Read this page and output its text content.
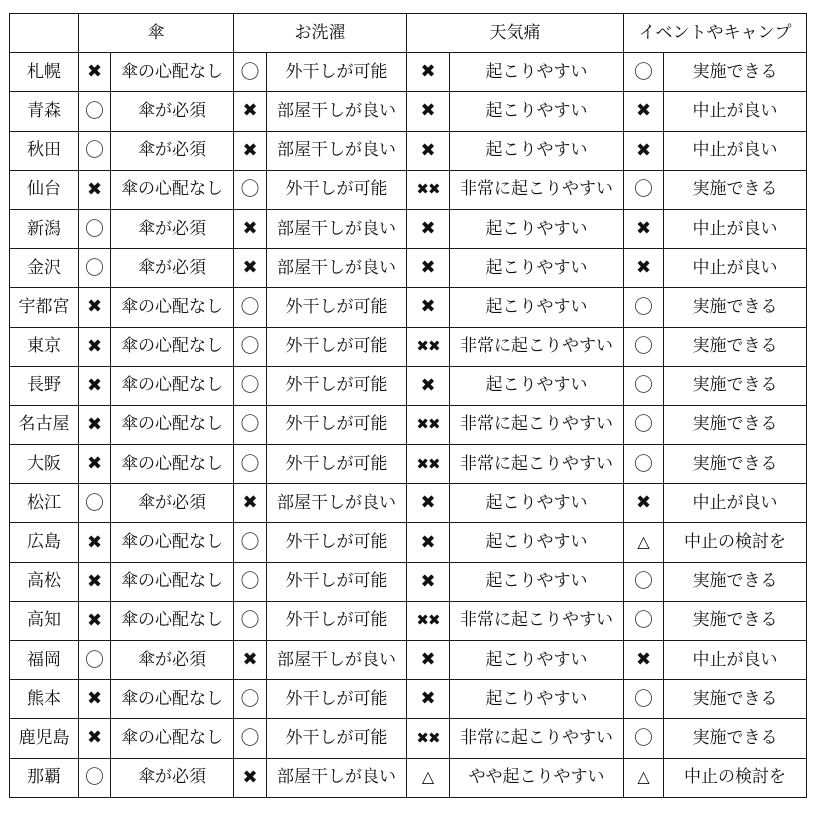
	傘		お洗濯		天気痛		イベントやキャンプ	
札幌	✖	傘の心配なし	〇	外干しが可能	✖	起こりやすい	〇	実施できる
青森	〇	傘が必須	✖	部屋干しが良い	✖	起こりやすい	✖	中止が良い
秋田	〇	傘が必須	✖	部屋干しが良い	✖	起こりやすい	✖	中止が良い
仙台	✖	傘の心配なし	〇	外干しが可能	✖✖	非常に起こりやすい	〇	実施できる
新潟	〇	傘が必須	✖	部屋干しが良い	✖	起こりやすい	✖	中止が良い
金沢	〇	傘が必須	✖	部屋干しが良い	✖	起こりやすい	✖	中止が良い
宇都宮	✖	傘の心配なし	〇	外干しが可能	✖	起こりやすい	〇	実施できる
東京	✖	傘の心配なし	〇	外干しが可能	✖✖	非常に起こりやすい	〇	実施できる
長野	✖	傘の心配なし	〇	外干しが可能	✖	起こりやすい	〇	実施できる
名古屋	✖	傘の心配なし	〇	外干しが可能	✖✖	非常に起こりやすい	〇	実施できる
大阪	✖	傘の心配なし	〇	外干しが可能	✖✖	非常に起こりやすい	〇	実施できる
松江	〇	傘が必須	✖	部屋干しが良い	✖	起こりやすい	✖	中止が良い
広島	✖	傘の心配なし	〇	外干しが可能	✖	起こりやすい	△	中止の検討を
高松	✖	傘の心配なし	〇	外干しが可能	✖	起こりやすい	〇	実施できる
高知	✖	傘の心配なし	〇	外干しが可能	✖✖	非常に起こりやすい	〇	実施できる
福岡	〇	傘が必須	✖	部屋干しが良い	✖	起こりやすい	✖	中止が良い
熊本	✖	傘の心配なし	〇	外干しが可能	✖	起こりやすい	〇	実施できる
鹿児島	✖	傘の心配なし	〇	外干しが可能	✖✖	非常に起こりやすい	〇	実施できる
那覇	〇	傘が必須	✖	部屋干しが良い	△	やや起こりやすい	△	中止の検討を
